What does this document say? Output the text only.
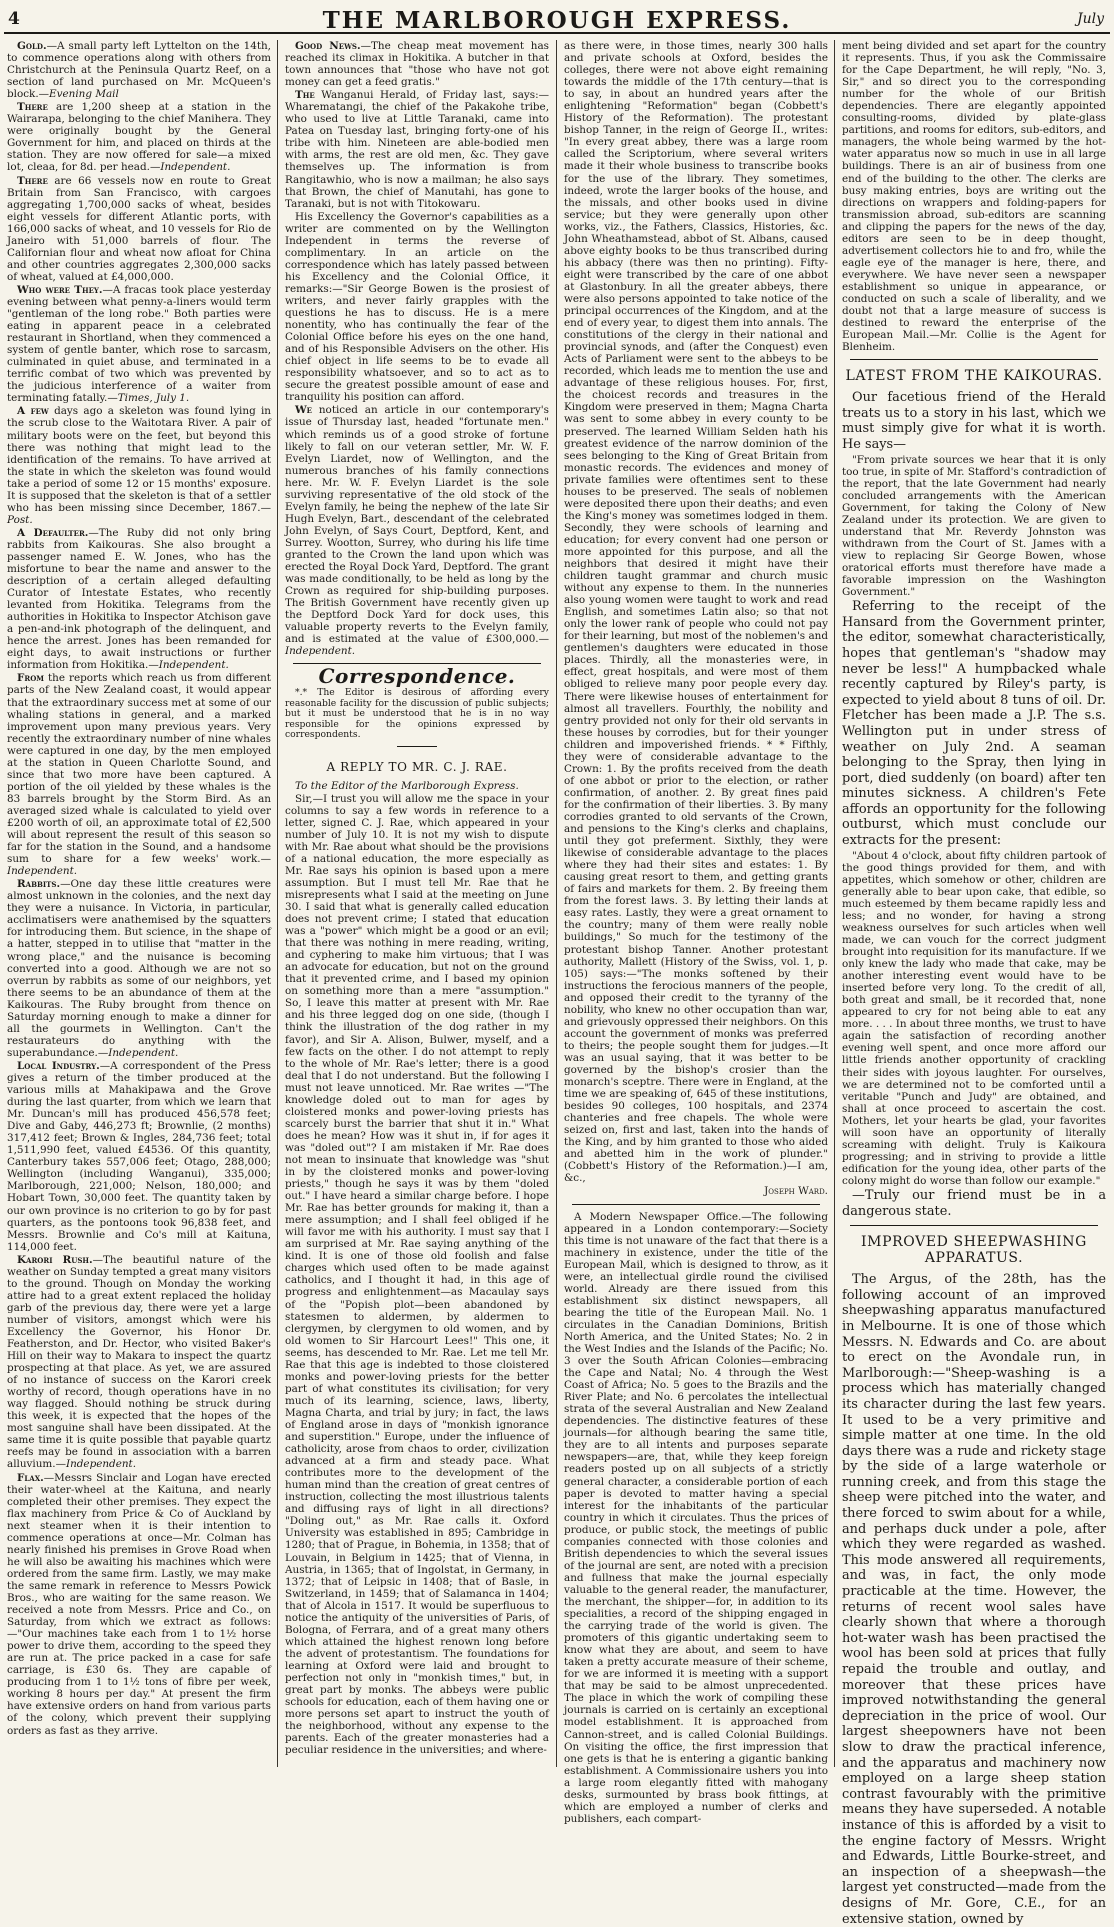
4	THE MARLBOROUGH EXPRESS.	July

Gold.—A small party left Lyttelton on the 14th, to commence operations along with others from Christchurch at the Peninsula Quartz Reef, on a section of land purchased on Mr. McQueen's block.—Evening Mail

There are 1,200 sheep at a station in the Wairarapa, belonging to the chief Manihera. They were originally bought by the General Government for him, and placed on thirds at the station. They are now offered for sale—a mixed lot, cleaa, for 8d. per head.—Independent.

There are 66 vessels now en route to Great Britain from San Francisco, with cargoes aggregating 1,700,000 sacks of wheat, besides eight vessels for different Atlantic ports, with 166,000 sacks of wheat, and 10 vessels for Rio de Janeiro with 51,000 barrels of flour. The Californian flour and wheat now afloat for China and other countries aggregates 2,300,000 sacks of wheat, valued at £4,000,000.

Who were They.—A fracas took place yesterday evening between what penny-a-liners would term "gentleman of the long robe." Both parties were eating in apparent peace in a celebrated restaurant in Shortland, when they commenced a system of gentle banter, which rose to sarcasm, culminated in quiet abuse, and terminated in a terrific combat of two which was prevented by the judicious interference of a waiter from terminating fatally.—Times, July 1.

A few days ago a skeleton was found lying in the scrub close to the Waitotara River. A pair of military boots were on the feet, but beyond this there was nothing that might lead to the identification of the remains. To have arrived at the state in which the skeleton was found would take a period of some 12 or 15 months' exposure. It is supposed that the skeleton is that of a settler who has been missing since December, 1867.—Post.

A Defaulter.—The Ruby did not only bring rabbits from Kaikouras. She also brought a passenger named E. W. Jones, who has the misfortune to bear the name and answer to the description of a certain alleged defaulting Curator of Intestate Estates, who recently levanted from Hokitika. Telegrams from the authorities in Hokitika to Inspector Atchison gave a pen-and-ink photograph of the delinquent, and hence the arrest. Jones has been remanded for eight days, to await instructions or further information from Hokitika.—Independent.

From the reports which reach us from different parts of the New Zealand coast, it would appear that the extraordinary success met at some of our whaling stations in general, and a marked improvement upon many previous years. Very recently the extraordinary number of nine whales were captured in one day, by the men employed at the station in Queen Charlotte Sound, and since that two more have been captured. A portion of the oil yielded by these whales is the 83 barrels brought by the Storm Bird. As an averaged sized whale is calculated to yield over £200 worth of oil, an approximate total of £2,500 will about represent the result of this season so far for the station in the Sound, and a handsome sum to share for a few weeks' work.—Independent.

Rabbits.—One day these little creatures were almost unknown in the colonies, and the next day they were a nuisance. In Victoria, in particular, acclimatisers were anathemised by the squatters for introducing them. But science, in the shape of a hatter, stepped in to utilise that "matter in the wrong place," and the nuisance is becoming converted into a good. Although we are not so overrun by rabbits as some of our neighbors, yet there seems to be an abundance of them at the Kaikouras. The Ruby brought from thence on Saturday morning enough to make a dinner for all the gourmets in Wellington. Can't the restaurateurs do anything with the superabundance.—Independent.

Local Industry.—A correspondent of the Press gives a return of the timber produced at the various mills at Mahakipawa and the Grove during the last quarter, from which we learn that Mr. Duncan's mill has produced 456,578 feet; Dive and Gaby, 446,273 ft; Brownlie, (2 months) 317,412 feet; Brown & Ingles, 284,736 feet; total 1,511,990 feet, valued £4536. Of this quantity, Canterbury takes 557,006 feet; Otago, 288,000; Wellington (including Wanganui), 335,000; Marlborough, 221,000; Nelson, 180,000; and Hobart Town, 30,000 feet. The quantity taken by our own province is no criterion to go by for past quarters, as the pontoons took 96,838 feet, and Messrs. Brownlie and Co's mill at Kaituna, 114,000 feet.

Karori Rush.—The beautiful nature of the weather on Sunday tempted a great many visitors to the ground. Though on Monday the working attire had to a great extent replaced the holiday garb of the previous day, there were yet a large number of visitors, amongst which were his Excellency the Governor, his Honor Dr. Featherston, and Dr. Hector, who visited Baker's Hill on their way to Makara to inspect the quartz prospecting at that place. As yet, we are assured of no instance of success on the Karori creek worthy of record, though operations have in no way flagged. Should nothing be struck during this week, it is expected that the hopes of the most sanguine shall have been dissipated. At the same time it is quite possible that payable quartz reefs may be found in association with a barren alluvium.—Independent.

Flax.—Messrs Sinclair and Logan have erected their water-wheel at the Kaituna, and nearly completed their other premises. They expect the flax machinery from Price & Co of Auckland by next steamer when it is their intention to commence operations at once—Mr. Colman has nearly finished his premises in Grove Road when he will also be awaiting his machines which were ordered from the same firm. Lastly, we may make the same remark in reference to Messrs Powick Bros., who are waiting for the same reason. We received a note from Messrs. Price and Co., on Saturday, from which we extract as follows:—"Our machines take each from 1 to 1½ horse power to drive them, according to the speed they are run at. The price packed in a case for safe carriage, is £30 6s. They are capable of producing from 1 to 1½ tons of fibre per week, working 8 hours per day." At present the firm have extensive orders on hand from various parts of the colony, which prevent their supplying orders as fast as they arrive.

Good News.—The cheap meat movement has reached its climax in Hokitika. A butcher in that town announces that "those who have not got money can get a feed gratis."

The Wanganui Herald, of Friday last, says:—Wharematangi, the chief of the Pakakohe tribe, who used to live at Little Taranaki, came into Patea on Tuesday last, bringing forty-one of his tribe with him. Nineteen are able-bodied men with arms, the rest are old men, &c. They gave themselves up. The information is from Rangitawhio, who is now a mailman; he also says that Brown, the chief of Manutahi, has gone to Taranaki, but is not with Titokowaru.

His Excellency the Governor's capabilities as a writer are commented on by the Wellington Independent in terms the reverse of complimentary. In an article on the correspondence which has lately passed between his Excellency and the Colonial Office, it remarks:—"Sir George Bowen is the prosiest of writers, and never fairly grapples with the questions he has to discuss. He is a mere nonentity, who has continually the fear of the Colonial Office before his eyes on the one hand, and of his Responsible Advisers on the other. His chief object in life seems to be to evade all responsibility whatsoever, and so to act as to secure the greatest possible amount of ease and tranquility his position can afford.

We noticed an article in our contemporary's issue of Thursday last, headed "fortunate men." which reminds us of a good stroke of fortune likely to fall on our veteran settler, Mr. W. F. Evelyn Liardet, now of Wellington, and the numerous branches of his family connections here. Mr. W. F. Evelyn Liardet is the sole surviving representative of the old stock of the Evelyn family, he being the nephew of the late Sir Hugh Evelyn, Bart., descendant of the celebrated John Evelyn, of Says Court, Deptford, Kent, and Surrey. Wootton, Surrey, who during his life time granted to the Crown the land upon which was erected the Royal Dock Yard, Deptford. The grant was made conditionally, to be held as long by the Crown as required for ship-building purposes. The British Government have recently given up the Deptford Dock Yard for dock uses, this valuable property reverts to the Evelyn family, and is estimated at the value of £300,000.—Independent.

Correspondence.

*.* The Editor is desirous of affording every reasonable facility for the discussion of public subjects; but it must be understood that he is in no way responsible for the opinions expressed by correspondents.

A REPLY TO MR. C. J. RAE.

To the Editor of the Marlborough Express.

Sir,—I trust you will allow me the space in your columns to say a few words in reference to a letter, signed C. J. Rae, which appeared in your number of July 10. It is not my wish to dispute with Mr. Rae about what should be the provisions of a national education, the more especially as Mr. Rae says his opinion is based upon a mere assumption. But I must tell Mr. Rae that he misrepresents what I said at the meeting on June 30. I said that what is generally called education does not prevent crime; I stated that education was a "power" which might be a good or an evil; that there was nothing in mere reading, writing, and cyphering to make him virtuous; that I was an advocate for education, but not on the ground that it prevented crime, and I based my opinion on something more than a mere "assumption." So, I leave this matter at present with Mr. Rae and his three legged dog on one side, (though I think the illustration of the dog rather in my favor), and Sir A. Alison, Bulwer, myself, and a few facts on the other. I do not attempt to reply to the whole of Mr. Rae's letter; there is a good deal that I do not understand. But the following I must not leave unnoticed. Mr. Rae writes —"The knowledge doled out to man for ages by cloistered monks and power-loving priests has scarcely burst the barrier that shut it in." What does he mean? How was it shut in, if for ages it was "doled out"? I am mistaken if Mr. Rae does not mean to insinuate that knowledge was "shut in by the cloistered monks and power-loving priests," though he says it was by them "doled out." I have heard a similar charge before. I hope Mr. Rae has better grounds for making it, than a mere assumption; and I shall feel obliged if he will favor me with his authority. I must say that I am surprised at Mr. Rae saying anything of the kind. It is one of those old foolish and false charges which used often to be made against catholics, and I thought it had, in this age of progress and enlightenment—as Macaulay says of the "Popish plot—been abandoned by statesmen to aldermen, by aldermen to clergymen, by clergymen to old women, and by old women to Sir Harcourt Lees!" This one, it seems, has descended to Mr. Rae. Let me tell Mr. Rae that this age is indebted to those cloistered monks and power-loving priests for the better part of what constitutes its civilisation; for very much of its learning, science, laws, liberty, Magna Charta, and trial by jury; in fact, the laws of England arose in days of "monkish ignorance and superstition." Europe, under the influence of catholicity, arose from chaos to order, civilization advanced at a firm and steady pace. What contributes more to the development of the human mind than the creation of great centres of instruction, collecting the most illustrious talents and diffusing rays of light in all directions? "Doling out," as Mr. Rae calls it. Oxford University was established in 895; Cambridge in 1280; that of Prague, in Bohemia, in 1358; that of Louvain, in Belgium in 1425; that of Vienna, in Austria, in 1365; that of Ingolstat, in Germany, in 1372; that of Leipsic in 1408; that of Basle, in Switzerland, in 1459; that of Salamanca in 1404; that of Alcola in 1517. It would be superfluous to notice the antiquity of the universities of Paris, of Bologna, of Ferrara, and of a great many others which attained the highest renown long before the advent of protestantism. The foundations for learning at Oxford were laid and brought to perfection not only in "monkish times," but, in great part by monks. The abbeys were public schools for education, each of them having one or more persons set apart to instruct the youth of the neighborhood, without any expense to the parents. Each of the greater monasteries had a peculiar residence in the universities; and where-

as there were, in those times, nearly 300 halls and private schools at Oxford, besides the colleges, there were not above eight remaining towards the middle of the 17th century—that is to say, in about an hundred years after the enlightening "Reformation" began (Cobbett's History of the Reformation). The protestant bishop Tanner, in the reign of George II., writes: "In every great abbey, there was a large room called the Scriptorium, where several writers made it their whole business to transcribe books for the use of the library. They sometimes, indeed, wrote the larger books of the house, and the missals, and other books used in divine service; but they were generally upon other works, viz., the Fathers, Classics, Histories, &c. John Wheathamstead, abbot of St. Albans, caused above eighty books to be thus transcribed during his abbacy (there was then no printing). Fifty-eight were transcribed by the care of one abbot at Glastonbury. In all the greater abbeys, there were also persons appointed to take notice of the principal occurrences of the Kingdom, and at the end of every year, to digest them into annals. The constitutions of the clergy in their national and provincial synods, and (after the Conquest) even Acts of Parliament were sent to the abbeys to be recorded, which leads me to mention the use and advantage of these religious houses. For, first, the choicest records and treasures in the Kingdom were preserved in them; Magna Charta was sent to some abbey in every county to be preserved. The learned William Selden hath his greatest evidence of the narrow dominion of the sees belonging to the King of Great Britain from monastic records. The evidences and money of private families were oftentimes sent to these houses to be preserved. The seals of noblemen were deposited there upon their deaths; and even the King's money was sometimes lodged in them. Secondly, they were schools of learning and education; for every convent had one person or more appointed for this purpose, and all the neighbors that desired it might have their children taught grammar and church music without any expense to them. In the nunneries also young women were taught to work and read English, and sometimes Latin also; so that not only the lower rank of people who could not pay for their learning, but most of the noblemen's and gentlemen's daughters were educated in those places. Thirdly, all the monasteries were, in effect, great hospitals, and were most of them obliged to relieve many poor people every day. There were likewise houses of entertainment for almost all travellers. Fourthly, the nobility and gentry provided not only for their old servants in these houses by corrodies, but for their younger children and impoverished friends. * * Fifthly, they were of considerable advantage to the Crown: 1. By the profits received from the death of one abbot or prior to the election, or rather confirmation, of another. 2. By great fines paid for the confirmation of their liberties. 3. By many corrodies granted to old servants of the Crown, and pensions to the King's clerks and chaplains, until they got preferment. Sixthly, they were likewise of considerable advantage to the places where they had their sites and estates: 1. By causing great resort to them, and getting grants of fairs and markets for them. 2. By freeing them from the forest laws. 3. By letting their lands at easy rates. Lastly, they were a great ornament to the country; many of them were really noble buildings," So much for the testimony of the protestant bishop Tanner. Another protestant authority, Mallett (History of the Swiss, vol. 1, p. 105) says:—"The monks softened by their instructions the ferocious manners of the people, and opposed their credit to the tyranny of the nobility, who knew no other occupation than war, and grievously oppressed their neighbors. On this account the government of monks was preferred to theirs; the people sought them for judges.—It was an usual saying, that it was better to be governed by the bishop's crosier than the monarch's sceptre. There were in England, at the time we are speaking of, 645 of these institutions, besides 90 colleges, 100 hospitals, and 2374 chanteries and free chapels. The whole were seized on, first and last, taken into the hands of the King, and by him granted to those who aided and abetted him in the work of plunder." (Cobbett's History of the Reformation.)—I am, &c.,

Joseph Ward.

A Modern Newspaper Office.—The following appeared in a London contemporary:—Society this time is not unaware of the fact that there is a machinery in existence, under the title of the European Mail, which is designed to throw, as it were, an intellectual girdle round the civilised world. Already are there issued from this establishment six distinct newspapers, all bearing the title of the European Mail. No. 1 circulates in the Canadian Dominions, British North America, and the United States; No. 2 in the West Indies and the Islands of the Pacific; No. 3 over the South African Colonies—embracing the Cape and Natal; No. 4 through the West Coast of Africa; No. 5 goes to the Brazils and the River Plate; and No. 6 percolates the intellectual strata of the several Australian and New Zealand dependencies. The distinctive features of these journals—for although bearing the same title, they are to all intents and purposes separate newspapers—are, that, while they keep foreign readers posted up on all subjects of a strictly general character, a considerable portion of each paper is devoted to matter having a special interest for the inhabitants of the particular country in which it circulates. Thus the prices of produce, or public stock, the meetings of public companies connected with those colonies and British dependencies to which the several issues of the journal are sent, are noted with a precision and fullness that make the journal especially valuable to the general reader, the manufacturer, the merchant, the shipper—for, in addition to its specialities, a record of the shipping engaged in the carrying trade of the world is given. The promoters of this gigantic undertaking seem to know what they are about, and seem to have taken a pretty accurate measure of their scheme, for we are informed it is meeting with a support that may be said to be almost unprecedented. The place in which the work of compiling these journals is carried on is certainly an exceptional model establishment. It is approached from Cannon-street, and is called Colonial Buildings. On visiting the office, the first impression that one gets is that he is entering a gigantic banking establishment. A Commissionaire ushers you into a large room elegantly fitted with mahogany desks, surmounted by brass book fittings, at which are employed a number of clerks and publishers, each compart-

ment being divided and set apart for the country it represents. Thus, if you ask the Commissaire for the Cape Department, he will reply, "No. 3, Sir," and so direct you to the corresponding number for the whole of our British dependencies. There are elegantly appointed consulting-rooms, divided by plate-glass partitions, and rooms for editors, sub-editors, and managers, the whole being warmed by the hot-water apparatus now so much in use in all large buildings. There is an air of business from one end of the building to the other. The clerks are busy making entries, boys are writing out the directions on wrappers and folding-papers for transmission abroad, sub-editors are scanning and clipping the papers for the news of the day, editors are seen to be in deep thought, advertisement collectors hie to and fro, while the eagle eye of the manager is here, there, and everywhere. We have never seen a newspaper establishment so unique in appearance, or conducted on such a scale of liberality, and we doubt not that a large measure of success is destined to reward the enterprise of the European Mail.—Mr. Collie is the Agent for Blenheim.

LATEST FROM THE KAIKOURAS.

Our facetious friend of the Herald treats us to a story in his last, which we must simply give for what it is worth. He says—

"From private sources we hear that it is only too true, in spite of Mr. Stafford's contradiction of the report, that the late Government had nearly concluded arrangements with the American Government, for taking the Colony of New Zealand under its protection. We are given to understand that Mr. Reverdy Johnston was withdrawn from the Court of St. James with a view to replacing Sir George Bowen, whose oratorical efforts must therefore have made a favorable impression on the Washington Government."

Referring to the receipt of the Hansard from the Government printer, the editor, somewhat characteristically, hopes that gentleman's "shadow may never be less!" A humpbacked whale recently captured by Riley's party, is expected to yield about 8 tuns of oil. Dr. Fletcher has been made a J.P. The s.s. Wellington put in under stress of weather on July 2nd. A seaman belonging to the Spray, then lying in port, died suddenly (on board) after ten minutes sickness. A children's Fete affords an opportunity for the following outburst, which must conclude our extracts for the present:

"About 4 o'clock, about fifty children partook of the good things provided for them, and with appetites, which somehow or other, children are generally able to bear upon cake, that edible, so much esteemed by them became rapidly less and less; and no wonder, for having a strong weakness ourselves for such articles when well made, we can vouch for the correct judgment brought into requisition for its manufacture. If we only knew the lady who made that cake, may be another interesting event would have to be inserted before very long. To the credit of all, both great and small, be it recorded that, none appeared to cry for not being able to eat any more. . . . In about three months, we trust to have again the satisfaction of recording another evening well spent, and once more afford our little friends another opportunity of crackling their sides with joyous laughter. For ourselves, we are determined not to be comforted until a veritable "Punch and Judy" are obtained, and shall at once proceed to ascertain the cost. Mothers, let your hearts be glad, your favorites will soon have an opportunity of literally screaming with delight. Truly is Kaikoura progressing; and in striving to provide a little edification for the young idea, other parts of the colony might do worse than follow our example."

—Truly our friend must be in a dangerous state.

IMPROVED SHEEPWASHING APPARATUS.

The Argus, of the 28th, has the following account of an improved sheepwashing apparatus manufactured in Melbourne. It is one of those which Messrs. N. Edwards and Co. are about to erect on the Avondale run, in Marlborough:—"Sheep-washing is a process which has materially changed its character during the last few years. It used to be a very primitive and simple matter at one time. In the old days there was a rude and rickety stage by the side of a large waterhole or running creek, and from this stage the sheep were pitched into the water, and there forced to swim about for a while, and perhaps duck under a pole, after which they were regarded as washed. This mode answered all requirements, and was, in fact, the only mode practicable at the time. However, the returns of recent wool sales have clearly shown that where a thorough hot-water wash has been practised the wool has been sold at prices that fully repaid the trouble and outlay, and moreover that these prices have improved notwithstanding the general depreciation in the price of wool. Our largest sheepowners have not been slow to draw the practical inference, and the apparatus and machinery now employed on a large sheep station contrast favourably with the primitive means they have superseded. A notable instance of this is afforded by a visit to the engine factory of Messrs. Wright and Edwards, Little Bourke-street, and an inspection of a sheepwash—the largest yet constructed—made from the designs of Mr. Gore, C.E., for an extensive station, owned by
